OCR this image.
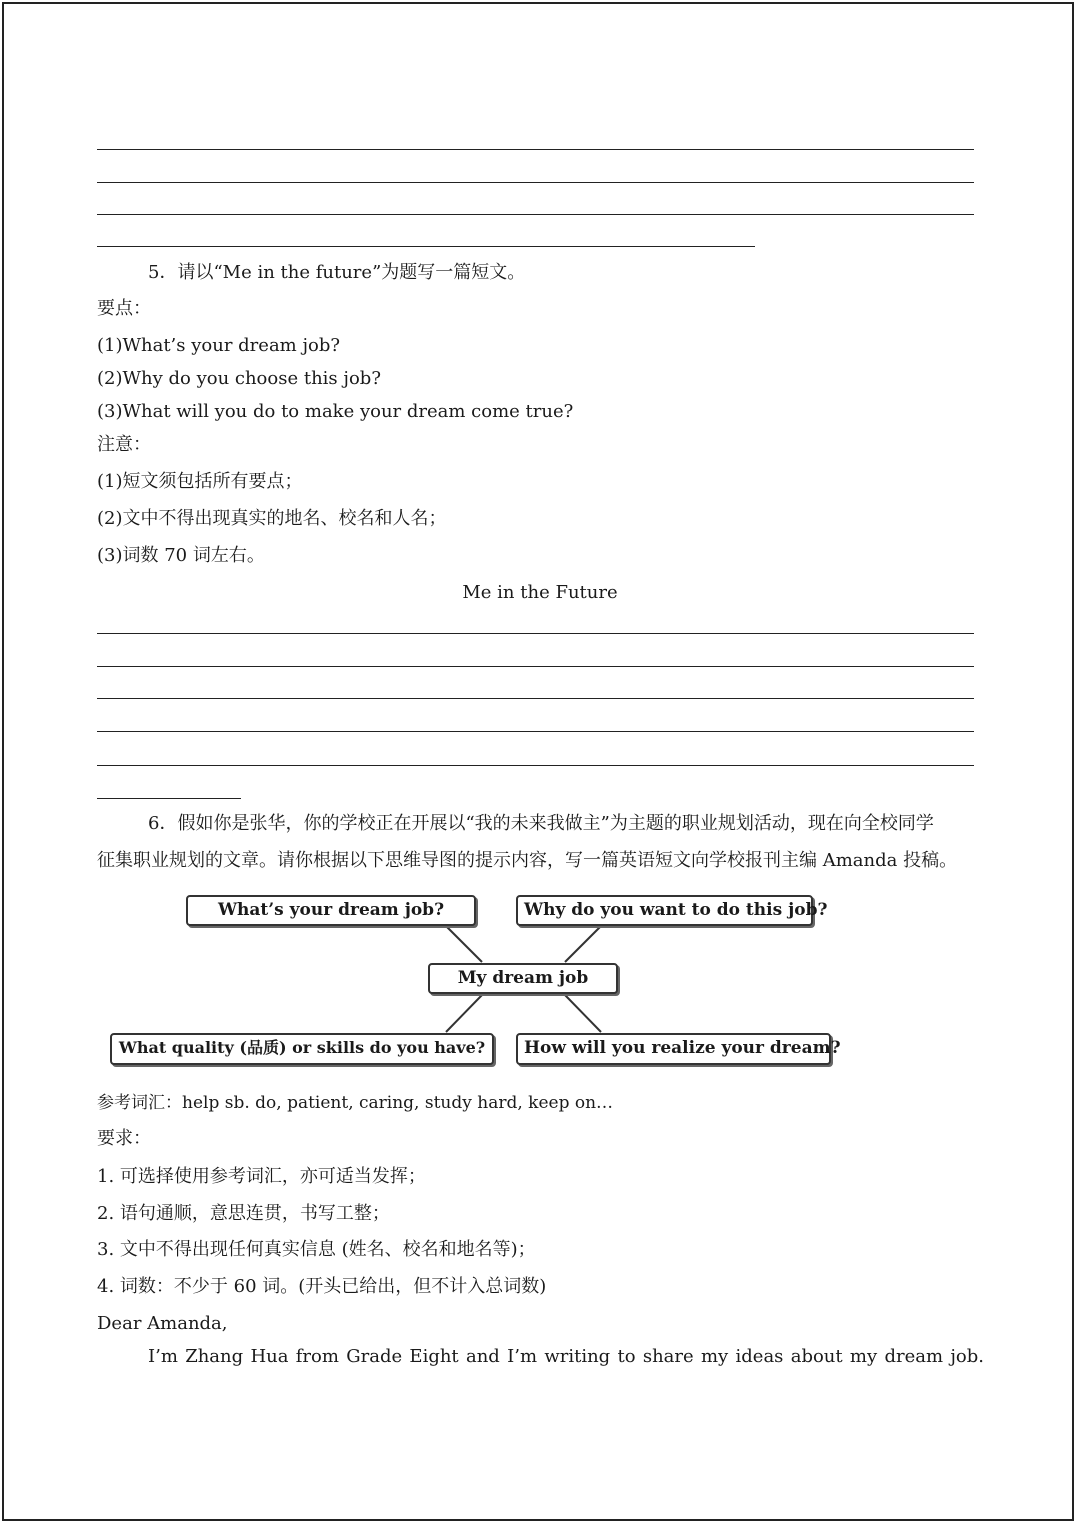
5．请以“Me in the future”为题写一篇短文。
要点：
(1)What’s your dream job?
(2)Why do you choose this job?
(3)What will you do to make your dream come true?
注意：
(1)短文须包括所有要点；
(2)文中不得出现真实的地名、校名和人名；
(3)词数 70 词左右。
Me in the Future
6．假如你是张华，你的学校正在开展以“我的未来我做主”为主题的职业规划活动，现在向全校同学
征集职业规划的文章。请你根据以下思维导图的提示内容，写一篇英语短文向学校报刊主编 Amanda 投稿。
What’s your dream job?	Why do you want to do this job?
My dream job
What quality (品质) or skills do you have?	How will you realize your dream?
参考词汇：help sb. do, patient, caring, study hard, keep on…
要求：
1. 可选择使用参考词汇，亦可适当发挥；
2. 语句通顺，意思连贯，书写工整；
3. 文中不得出现任何真实信息 (姓名、校名和地名等)；
4. 词数：不少于 60 词。(开头已给出，但不计入总词数)
Dear Amanda,
I’m Zhang Hua from Grade Eight and I’m writing to share my ideas about my dream job.
